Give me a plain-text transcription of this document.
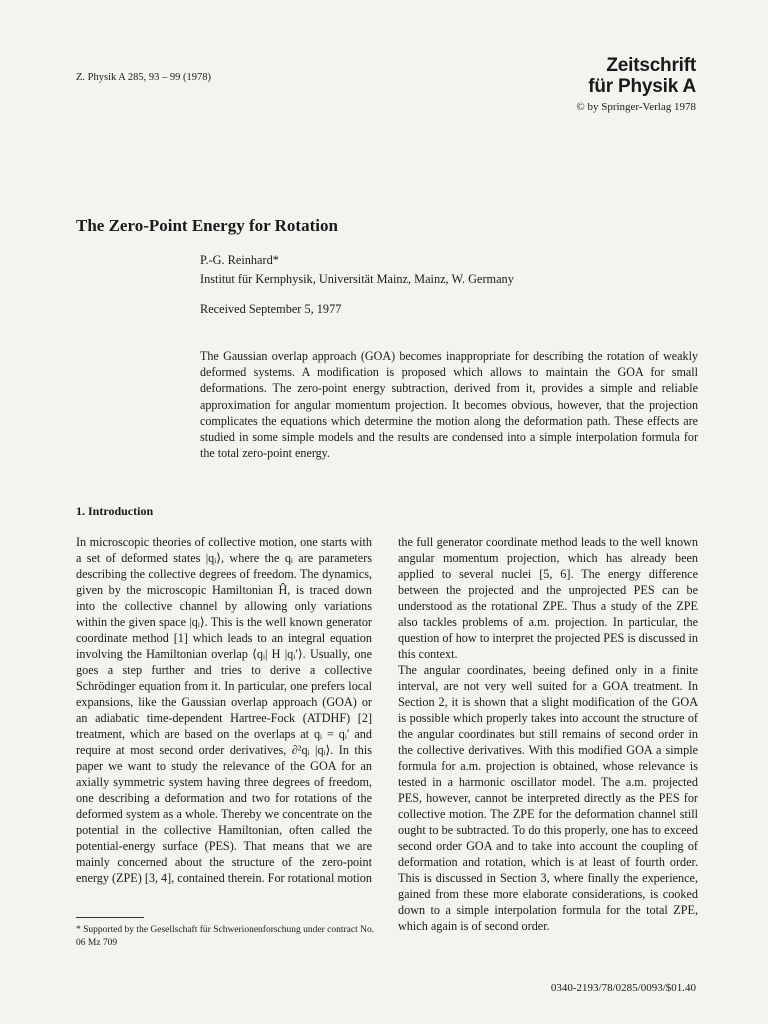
Z. Physik A 285, 93 – 99 (1978)
Zeitschrift
für Physik A
© by Springer-Verlag 1978
The Zero-Point Energy for Rotation
P.-G. Reinhard*
Institut für Kernphysik, Universität Mainz, Mainz, W. Germany
Received September 5, 1977
The Gaussian overlap approach (GOA) becomes inappropriate for describing the rotation of weakly deformed systems. A modification is proposed which allows to maintain the GOA for small deformations. The zero-point energy subtraction, derived from it, provides a simple and reliable approximation for angular momentum projection. It becomes obvious, however, that the projection complicates the equations which determine the motion along the deformation path. These effects are studied in some simple models and the results are condensed into a simple interpolation formula for the total zero-point energy.
1. Introduction

In microscopic theories of collective motion, one starts with a set of deformed states |qᵢ⟩, where the qᵢ are parameters describing the collective degrees of freedom. The dynamics, given by the microscopic Hamiltonian Ĥ, is traced down into the collective channel by allowing only variations within the given space |qᵢ⟩. This is the well known generator coordinate method [1] which leads to an integral equation involving the Hamiltonian overlap ⟨qᵢ| H |qᵢ′⟩. Usually, one goes a step further and tries to derive a collective Schrödinger equation from it. In particular, one prefers local expansions, like the Gaussian overlap approach (GOA) or an adiabatic time-dependent Hartree-Fock (ATDHF) [2] treatment, which are based on the overlaps at qᵢ = qᵢ′ and require at most second order derivatives, ∂²qᵢ |qᵢ⟩. In this paper we want to study the relevance of the GOA for an axially symmetric system having three degrees of freedom, one describing a deformation and two for rotations of the deformed system as a whole. Thereby we concentrate on the potential in the collective Hamiltonian, often called the potential-energy surface (PES). That means that we are mainly concerned about the structure of the zero-point energy (ZPE) [3, 4], contained therein. For rotational motion

the full generator coordinate method leads to the well known angular momentum projection, which has already been applied to several nuclei [5, 6]. The energy difference between the projected and the unprojected PES can be understood as the rotational ZPE. Thus a study of the ZPE also tackles problems of a.m. projection. In particular, the question of how to interpret the projected PES is discussed in this context.

The angular coordinates, beeing defined only in a finite interval, are not very well suited for a GOA treatment. In Section 2, it is shown that a slight modification of the GOA is possible which properly takes into account the structure of the angular coordinates but still remains of second order in the collective derivatives. With this modified GOA a simple formula for a.m. projection is obtained, whose relevance is tested in a harmonic oscillator model. The a.m. projected PES, however, cannot be interpreted directly as the PES for collective motion. The ZPE for the deformation channel still ought to be subtracted. To do this properly, one has to exceed second order GOA and to take into account the coupling of deformation and rotation, which is at least of fourth order. This is discussed in Section 3, where finally the experience, gained from these more elaborate considerations, is cooked down to a simple interpolation formula for the total ZPE, which again is of second order.

* Supported by the Gesellschaft für Schwerionenforschung under contract No. 06 Mz 709
0340-2193/78/0285/0093/$01.40
